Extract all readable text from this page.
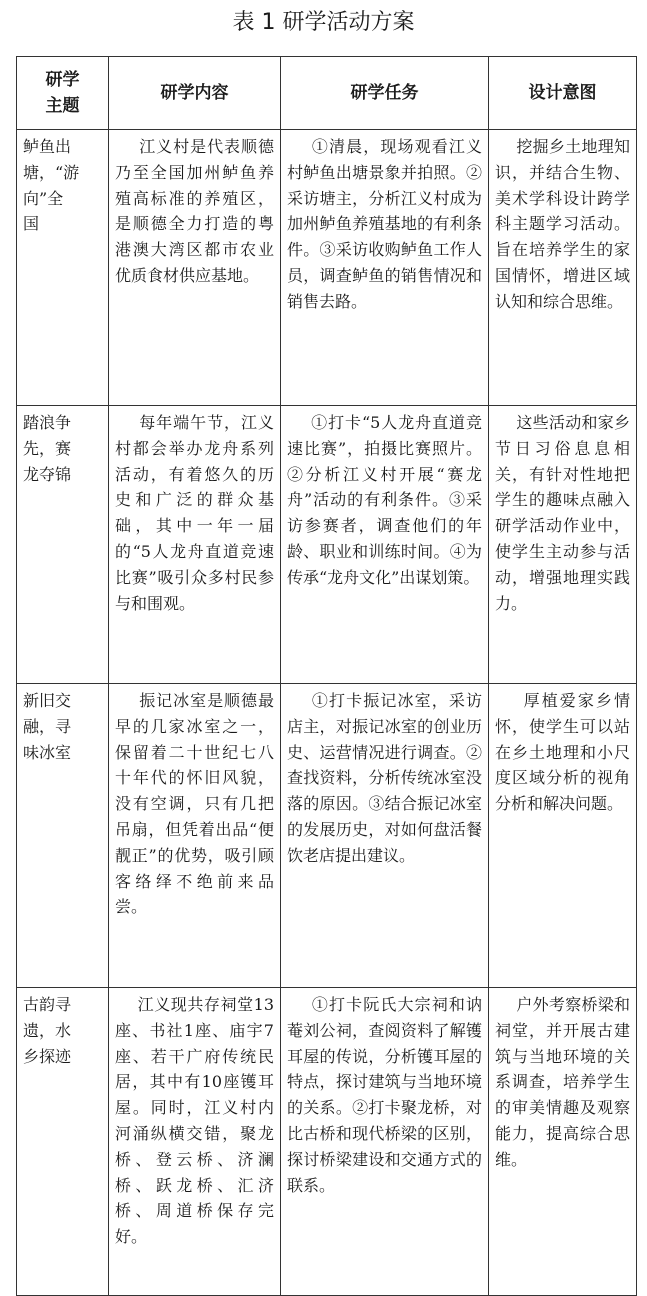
表 1 研学活动方案
研学
主题	研学内容	研学任务	设计意图
鲈鱼出
塘，“游
向”全
国	江义村是代表顺德乃至全国加州鲈鱼养殖高标准的养殖区，是顺德全力打造的粤港澳大湾区都市农业优质食材供应基地。	①清晨，现场观看江义村鲈鱼出塘景象并拍照。②采访塘主，分析江义村成为加州鲈鱼养殖基地的有利条件。③采访收购鲈鱼工作人员，调查鲈鱼的销售情况和销售去路。	挖掘乡土地理知识，并结合生物、美术学科设计跨学科主题学习活动。旨在培养学生的家国情怀，增进区域认知和综合思维。
踏浪争
先，赛
龙夺锦	每年端午节，江义村都会举办龙舟系列活动，有着悠久的历史和广泛的群众基础，其中一年一届的“5人龙舟直道竞速比赛”吸引众多村民参与和围观。	①打卡“5人龙舟直道竞速比赛”，拍摄比赛照片。②分析江义村开展“赛龙舟”活动的有利条件。③采访参赛者，调查他们的年龄、职业和训练时间。④为传承“龙舟文化”出谋划策。	这些活动和家乡节日习俗息息相关，有针对性地把学生的趣味点融入研学活动作业中，使学生主动参与活动，增强地理实践力。
新旧交
融，寻
味冰室	振记冰室是顺德最早的几家冰室之一，保留着二十世纪七八十年代的怀旧风貌，没有空调，只有几把吊扇，但凭着出品“便靓正”的优势，吸引顾客络绎不绝前来品尝。	①打卡振记冰室，采访店主，对振记冰室的创业历史、运营情况进行调查。②查找资料，分析传统冰室没落的原因。③结合振记冰室的发展历史，对如何盘活餐饮老店提出建议。	厚植爱家乡情怀，使学生可以站在乡土地理和小尺度区域分析的视角分析和解决问题。
古韵寻
遗，水
乡探迹	江义现共存祠堂13座、书社1座、庙宇7座、若干广府传统民居，其中有10座镬耳屋。同时，江义村内河涌纵横交错，聚龙桥、登云桥、济澜桥、跃龙桥、汇济桥、周道桥保存完好。	①打卡阮氏大宗祠和讷菴刘公祠，查阅资料了解镬耳屋的传说，分析镬耳屋的特点，探讨建筑与当地环境的关系。②打卡聚龙桥，对比古桥和现代桥梁的区别，探讨桥梁建设和交通方式的联系。	户外考察桥梁和祠堂，并开展古建筑与当地环境的关系调查，培养学生的审美情趣及观察能力，提高综合思维。
